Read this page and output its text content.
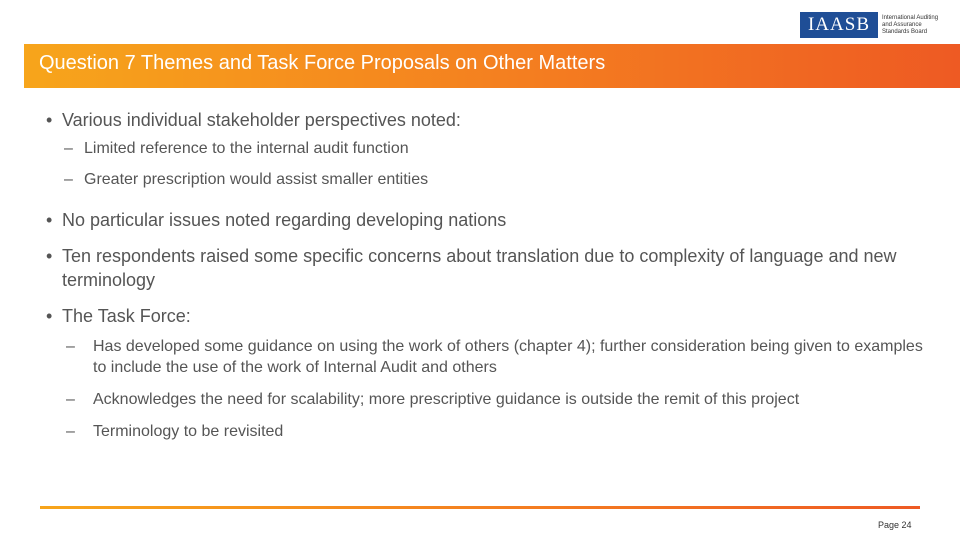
IAASB	International Auditing and Assurance Standards Board
Question 7 Themes and Task Force Proposals on Other Matters
• Various individual stakeholder perspectives noted:
– Limited reference to the internal audit function
– Greater prescription would assist smaller entities
• No particular issues noted regarding developing nations
• Ten respondents raised some specific concerns about translation due to complexity of language and new terminology
• The Task Force:
– Has developed some guidance on using the work of others (chapter 4); further consideration being given to examples to include the use of the work of Internal Audit and others
– Acknowledges the need for scalability; more prescriptive guidance is outside the remit of this project
– Terminology to be revisited
Page 24
